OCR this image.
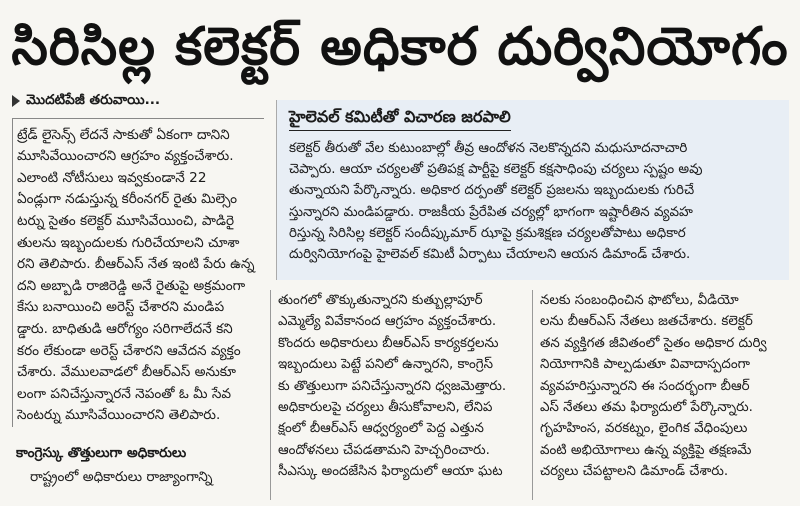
సిరిసిల్ల కలెక్టర్ అధికార దుర్వినియోగం
మొదటిపేజీ తరువాయి...

ట్రేడ్ లైసెన్స్ లేదనే సాకుతో ఏకంగా దానిని
మూసివేయించారని ఆగ్రహం వ్యక్తంచేశారు.
ఎలాంటి నోటీసులు ఇవ్వకుండానే 22
ఏండ్లుగా నడుస్తున్న కరీంనగర్ రైతు మిల్సెం
టర్ను సైతం కలెక్టర్ మూసివేయించి, పాడిరై
తులను ఇబ్బందులకు గురిచేయాలని చూశా
రని తెలిపారు. బీఆర్ఎస్ నేత ఇంటి పేరు ఉన్న
దని అబ్బాడి రాజిరెడ్డి అనే రైతుపై అక్రమంగా
కేసు బనాయించి అరెస్ట్ చేశారని మండిప
డ్డారు. బాధితుడి ఆరోగ్యం సరిగాలేదనే కని
కరం లేకుండా అరెస్ట్ చేశారని ఆవేదన వ్యక్తం
చేశారు. వేములవాడలో బీఆర్ఎస్ అనుకూ
లంగా పనిచేస్తున్నారనే నెపంతో ఓ మీ సేవ
సెంటర్ను మూసివేయించారని తెలిపారు.

కాంగ్రెస్కు తొత్తులుగా అధికారులు

రాష్ట్రంలో అధికారులు రాజ్యాంగాన్ని

హైలెవల్ కమిటీతో విచారణ జరపాలి

కలెక్టర్ తీరుతో వేల కుటుంబాల్లో తీవ్ర ఆందోళన నెలకొన్నదని మధుసూదనాచారి
చెప్పారు. ఆయా చర్యలతో ప్రతిపక్ష పార్టీపై కలెక్టర్ కక్షసాధింపు చర్యలు స్పష్టం అవు
తున్నాయని పేర్కొన్నారు. అధికార దర్పంతో కలెక్టర్ ప్రజలను ఇబ్బందులకు గురిచే
స్తున్నారని మండిపడ్డారు. రాజకీయ ప్రేరేపిత చర్యల్లో భాగంగా ఇష్టారీతిన వ్యవహ
రిస్తున్న సిరిసిల్ల కలెక్టర్ సందీప్కుమార్ ఝాపై క్రమశిక్షణ చర్యలతోపాటు అధికార
దుర్వినియోగంపై హైలెవల్ కమిటీ ఏర్పాటు చేయాలని ఆయన డిమాండ్ చేశారు.

తుంగలో తొక్కుతున్నారని కుత్బుల్లాపూర్
ఎమ్మెల్యే వివేకానంద ఆగ్రహం వ్యక్తంచేశారు.
కొందరు అధికారులు బీఆర్ఎస్ కార్యకర్తలను
ఇబ్బందులు పెట్టే పనిలో ఉన్నారని, కాంగ్రెస్
కు తొత్తులుగా పనిచేస్తున్నారని ధ్వజమెత్తారు.
అధికారులపై చర్యలు తీసుకోవాలని, లేనిప
క్షంలో బీఆర్ఎస్ ఆధ్వర్యంలో పెద్ద ఎత్తున
ఆందోళనలు చేపడతామని హెచ్చరించారు.
సీఎస్కు అందజేసిన ఫిర్యాదులో ఆయా ఘట

నలకు సంబంధించిన ఫొటోలు, వీడియో
లను బీఆర్ఎస్ నేతలు జతచేశారు. కలెక్టర్
తన వ్యక్తిగత జీవితంలో సైతం అధికార దుర్వి
నియోగానికి పాల్పడుతూ వివాదాస్పదంగా
వ్యవహరిస్తున్నారని ఈ సందర్భంగా బీఆర్
ఎస్ నేతలు తమ ఫిర్యాదులో పేర్కొన్నారు.
గృహహింస, వరకట్నం, లైంగిక వేధింపులు
వంటి అభియోగాలు ఉన్న వ్యక్తిపై తక్షణమే
చర్యలు చేపట్టాలని డిమాండ్ చేశారు.
